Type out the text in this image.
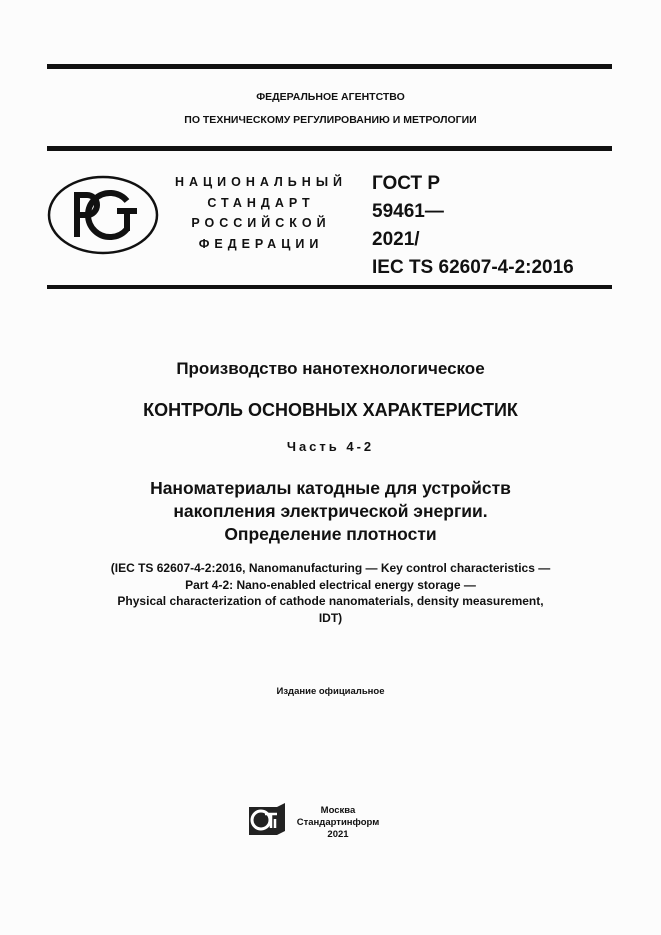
ФЕДЕРАЛЬНОЕ АГЕНТСТВО
ПО ТЕХНИЧЕСКОМУ РЕГУЛИРОВАНИЮ И МЕТРОЛОГИИ
НАЦИОНАЛЬНЫЙ
СТАНДАРТ
РОССИЙСКОЙ
ФЕДЕРАЦИИ
ГОСТ Р
59461—
2021/
IEC TS 62607-4-2:2016
Производство нанотехнологическое
КОНТРОЛЬ ОСНОВНЫХ ХАРАКТЕРИСТИК
Часть 4-2
Наноматериалы катодные для устройств
накопления электрической энергии.
Определение плотности
(IEC TS 62607-4-2:2016, Nanomanufacturing — Key control characteristics —
Part 4-2: Nano-enabled electrical energy storage —
Physical characterization of cathode nanomaterials, density measurement,
IDT)
Издание официальное
Москва
Стандартинформ
2021
